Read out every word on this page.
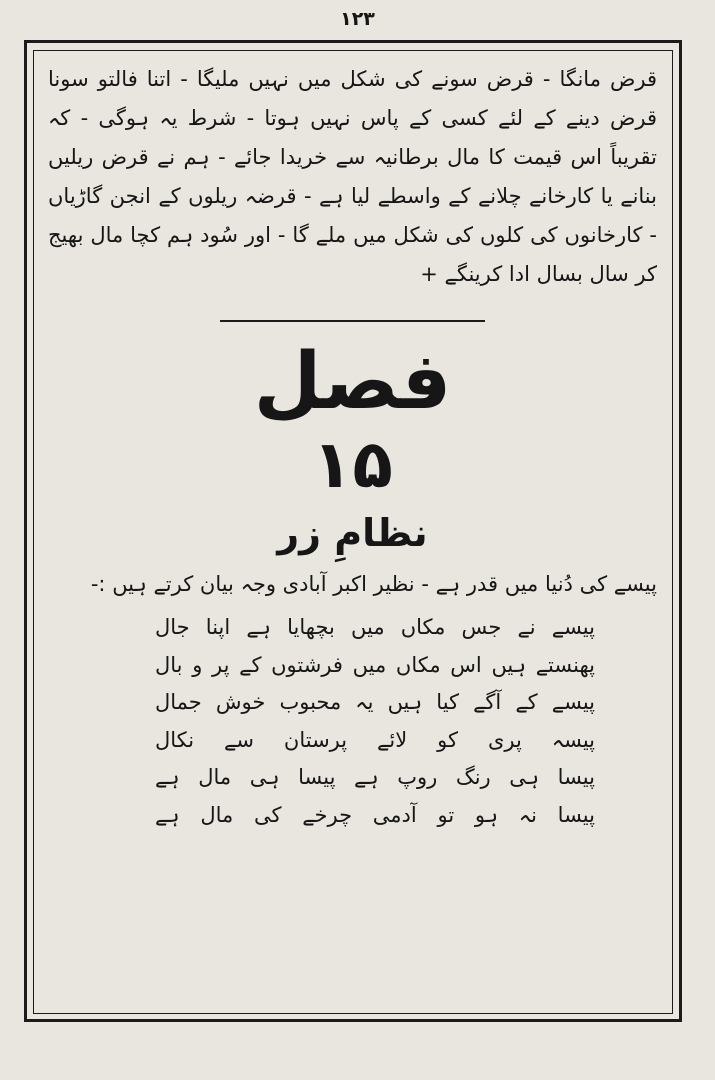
۱۲۳

قرض مانگا - قرض سونے کی شکل میں نہیں ملیگا - اتنا فالتو سونا قرض دینے کے لئے کسی کے پاس نہیں ہوتا - شرط یہ ہوگی - کہ تقریباً اس قیمت کا مال برطانیہ سے خریدا جائے - ہم نے قرض ریلیں بنانے یا کارخانے چلانے کے واسطے لیا ہے - قرضہ ریلوں کے انجن گاڑیاں - کارخانوں کی کلوں کی شکل میں ملے گا - اور سُود ہم کچا مال بھیج کر سال بسال ادا کرینگے +

فصل
۱۵
نظامِ زر

پیسے کی دُنیا میں قدر ہے - نظیر اکبر آبادی وجہ بیان کرتے ہیں :-

پیسے نے جس مکاں میں بچھایا ہے اپنا جال
پھنستے ہیں اس مکاں میں فرشتوں کے پر و بال
پیسے کے آگے کیا ہیں یہ محبوب خوش جمال
پیسہ پری کو لائے پرستان سے نکال
پیسا ہی رنگ روپ ہے پیسا ہی مال ہے
پیسا نہ ہو تو آدمی چرخے کی مال ہے
